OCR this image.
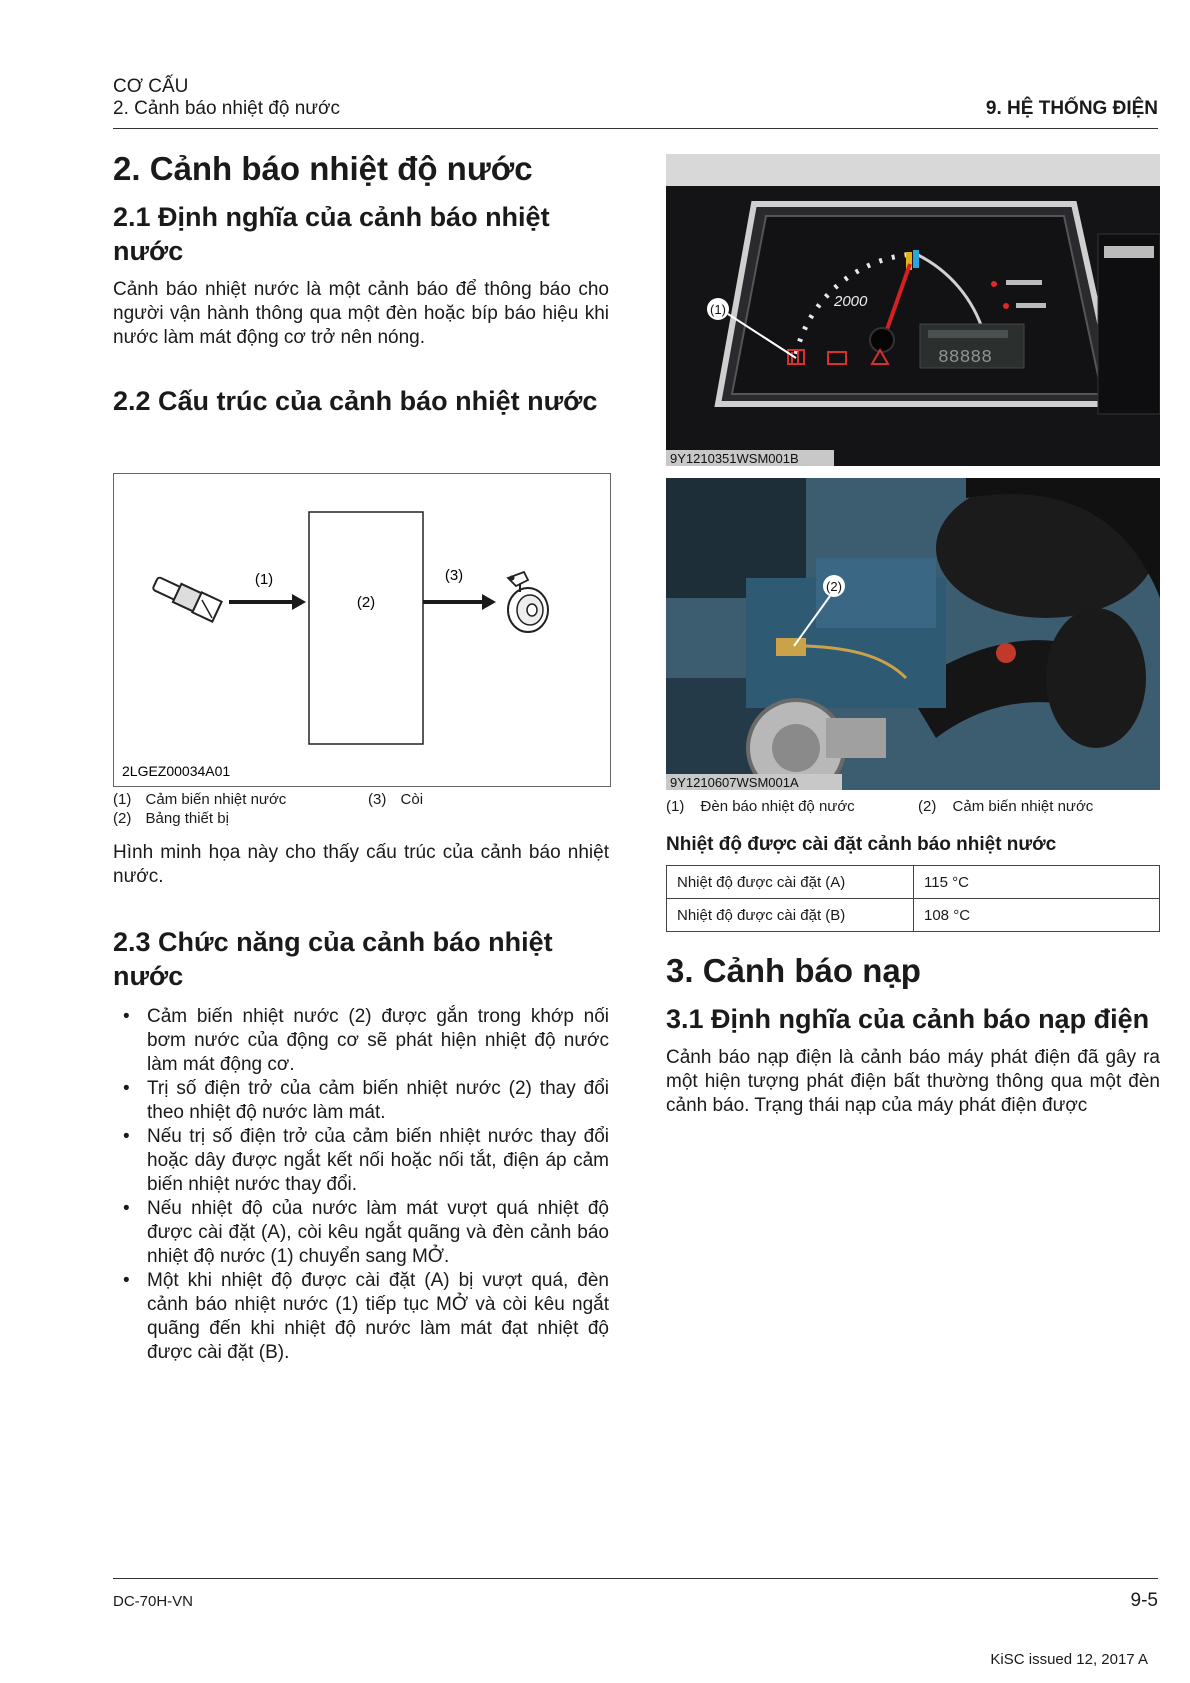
CƠ CẤU
2. Cảnh báo nhiệt độ nước	9. HỆ THỐNG ĐIỆN
2. Cảnh báo nhiệt độ nước
2.1 Định nghĩa của cảnh báo nhiệt nước

Cảnh báo nhiệt nước là một cảnh báo để thông báo cho người vận hành thông qua một đèn hoặc bíp báo hiệu khi nước làm mát động cơ trở nên nóng.

2.2 Cấu trúc của cảnh báo nhiệt nước
(1)
(2)
(3)
2LGEZ00034A01
(1) Cảm biến nhiệt nước	(3) Còi
(2) Bảng thiết bị

Hình minh họa này cho thấy cấu trúc của cảnh báo nhiệt nước.

2.3 Chức năng của cảnh báo nhiệt nước
• Cảm biến nhiệt nước (2) được gắn trong khớp nối bơm nước của động cơ sẽ phát hiện nhiệt độ nước làm mát động cơ.
• Trị số điện trở của cảm biến nhiệt nước (2) thay đổi theo nhiệt độ nước làm mát.
• Nếu trị số điện trở của cảm biến nhiệt nước thay đổi hoặc dây được ngắt kết nối hoặc nối tắt, điện áp cảm biến nhiệt nước thay đổi.
• Nếu nhiệt độ của nước làm mát vượt quá nhiệt độ được cài đặt (A), còi kêu ngắt quãng và đèn cảnh báo nhiệt độ nước (1) chuyển sang MỞ.
• Một khi nhiệt độ được cài đặt (A) bị vượt quá, đèn cảnh báo nhiệt nước (1) tiếp tục MỞ và còi kêu ngắt quãng đến khi nhiệt độ nước làm mát đạt nhiệt độ được cài đặt (B).
2000
88888
(1)
9Y1210351WSM001B
(2)
9Y1210607WSM001A
(1) Đèn báo nhiệt độ nước	(2) Cảm biến nhiệt nước
Nhiệt độ được cài đặt cảnh báo nhiệt nước
Nhiệt độ được cài đặt (A)	115 °C
Nhiệt độ được cài đặt (B)	108 °C
3. Cảnh báo nạp
3.1 Định nghĩa của cảnh báo nạp điện

Cảnh báo nạp điện là cảnh báo máy phát điện đã gây ra một hiện tượng phát điện bất thường thông qua một đèn cảnh báo. Trạng thái nạp của máy phát điện được

DC-70H-VN	9-5
KiSC issued 12, 2017 A
